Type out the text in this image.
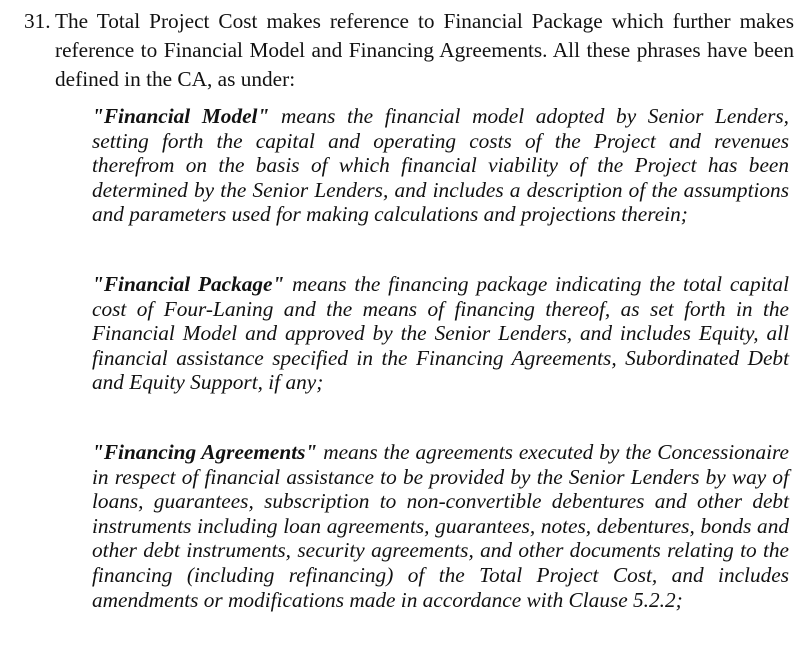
31. The Total Project Cost makes reference to Financial Package which further makes reference to Financial Model and Financing Agreements. All these phrases have been defined in the CA, as under:
"Financial Model" means the financial model adopted by Senior Lenders, setting forth the capital and operating costs of the Project and revenues therefrom on the basis of which financial viability of the Project has been determined by the Senior Lenders, and includes a description of the assumptions and parameters used for making calculations and projections therein;
"Financial Package" means the financing package indicating the total capital cost of Four-Laning and the means of financing thereof, as set forth in the Financial Model and approved by the Senior Lenders, and includes Equity, all financial assistance specified in the Financing Agreements, Subordinated Debt and Equity Support, if any;
"Financing Agreements" means the agreements executed by the Concessionaire in respect of financial assistance to be provided by the Senior Lenders by way of loans, guarantees, subscription to non-convertible debentures and other debt instruments including loan agreements, guarantees, notes, debentures, bonds and other debt instruments, security agreements, and other documents relating to the financing (including refinancing) of the Total Project Cost, and includes amendments or modifications made in accordance with Clause 5.2.2;
